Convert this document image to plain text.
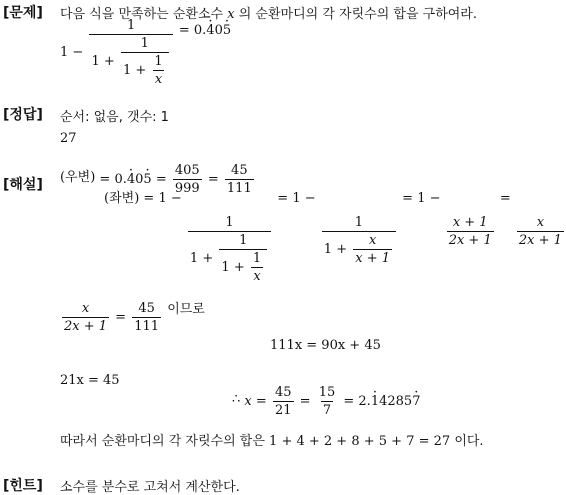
[문제] 다음 식을 만족하는 순환소수 x 의 순환마디의 각 자릿수의 합을 구하여라.
1 −
1
$1 + \frac{1}{1 + \frac{1}{x}}$
= 0.· 40· 5
[정답] 순서: 없음, 갯수: 1
27
[해설] (우변) = $0.\cdot 40\cdot 5 = \frac{405}{999} = \frac{45}{111}$
(좌변) = 1 −
1
$1 + \frac{1}{1 + \frac{1}{x}}$
= 1 −
$\frac{1}{1 + \frac{x}{x + 1}}$
= 1 −
$\frac{x + 1}{2x + 1}$
=
$\frac{x}{2x + 1}$
$\frac{x}{2x + 1} = \frac{45}{111}$ 이므로
111x = 90x + 45
21x = 45
∴ $x = \frac{45}{21} = \frac{15}{7} = 2.\cdot 14285\cdot 7$
따라서 순환마디의 각 자릿수의 합은 1 + 4 + 2 + 8 + 5 + 7 = 27 이다.
[힌트] 소수를 분수로 고쳐서 계산한다.
